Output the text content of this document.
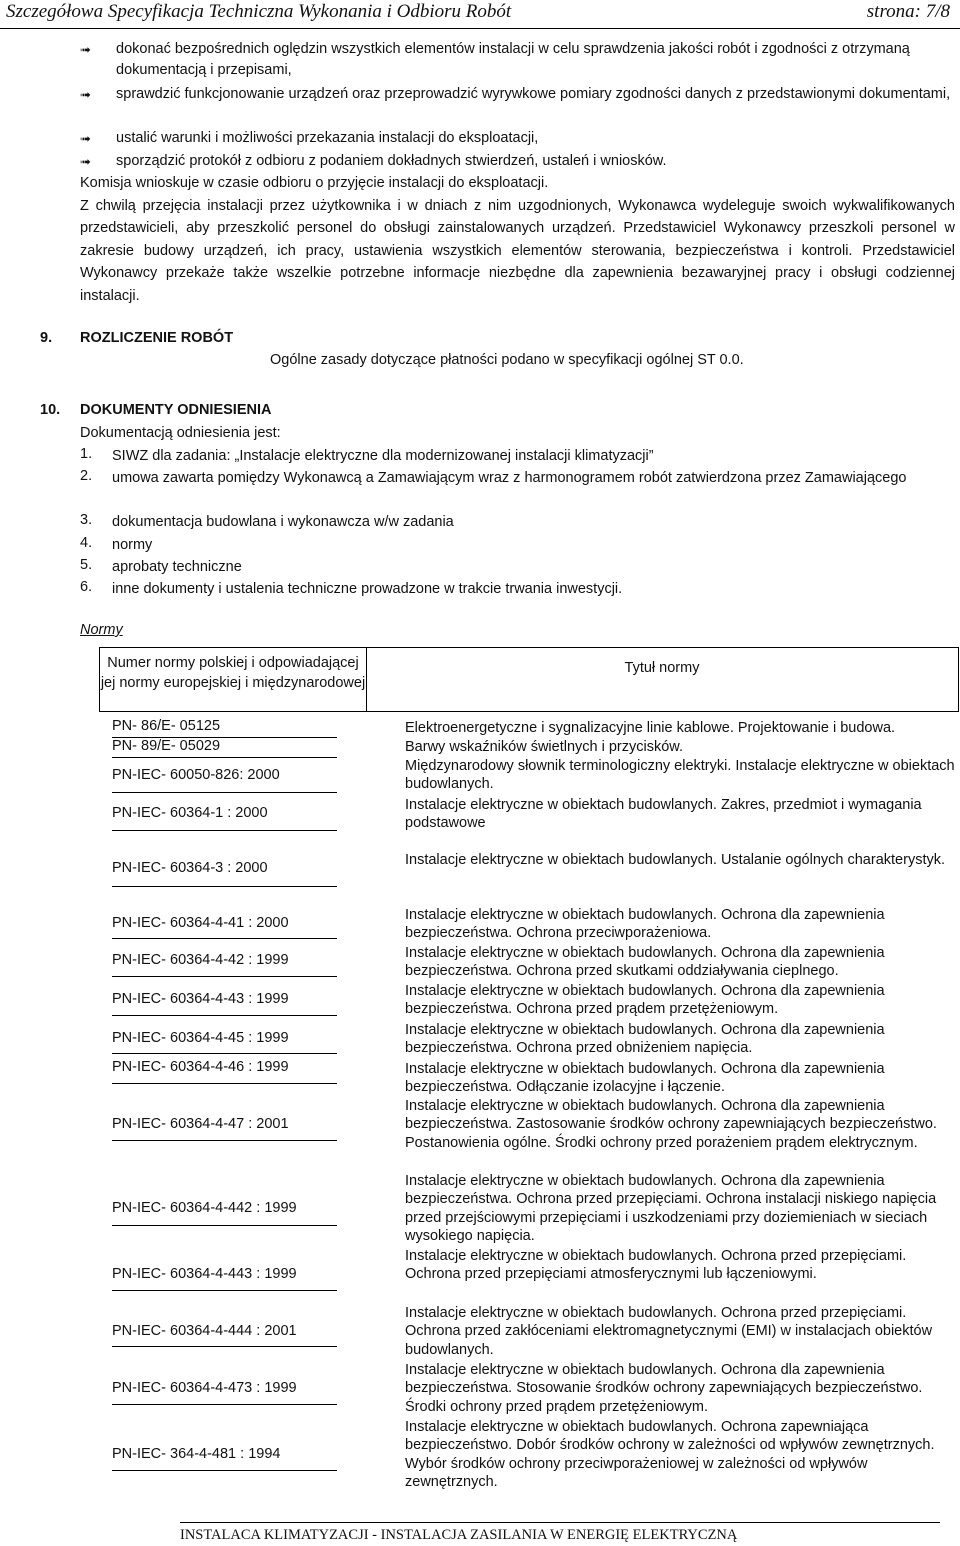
Szczegółowa Specyfikacja Techniczna Wykonania i Odbioru Robót	strona: 7/8
➟	dokonać bezpośrednich oględzin wszystkich elementów instalacji w celu sprawdzenia jakości robót i zgodności z otrzymaną dokumentacją i przepisami,
➟	sprawdzić funkcjonowanie urządzeń oraz przeprowadzić wyrywkowe pomiary zgodności danych z przedstawionymi dokumentami,
➟	ustalić warunki i możliwości przekazania instalacji do eksploatacji,
➟	sporządzić protokół z odbioru z podaniem dokładnych stwierdzeń, ustaleń i wniosków.
Komisja wnioskuje w czasie odbioru o przyjęcie instalacji do eksploatacji.
Z chwilą przejęcia instalacji przez użytkownika i w dniach z nim uzgodnionych, Wykonawca wydeleguje swoich wykwalifikowanych przedstawicieli, aby przeszkolić personel do obsługi zainstalowanych urządzeń. Przedstawiciel Wykonawcy przeszkoli personel w zakresie budowy urządzeń, ich pracy, ustawienia wszystkich elementów sterowania, bezpieczeństwa i kontroli. Przedstawiciel Wykonawcy przekaże także wszelkie potrzebne informacje niezbędne dla zapewnienia bezawaryjnej pracy i obsługi codziennej instalacji.
9. ROZLICZENIE ROBÓT
Ogólne zasady dotyczące płatności podano w specyfikacji ogólnej ST 0.0.
10. DOKUMENTY ODNIESIENIA
Dokumentacją odniesienia jest:
1. SIWZ dla zadania: „Instalacje elektryczne dla modernizowanej instalacji klimatyzacji”
2. umowa zawarta pomiędzy Wykonawcą a Zamawiającym wraz z harmonogramem robót zatwierdzona przez Zamawiającego
3. dokumentacja budowlana i wykonawcza w/w zadania
4. normy
5. aprobaty techniczne
6. inne dokumenty i ustalenia techniczne prowadzone w trakcie trwania inwestycji.
Normy
Numer normy polskiej i odpowiadającej jej normy europejskiej i międzynarodowej
Tytuł normy
PN- 86/E- 05125	Elektroenergetyczne i sygnalizacyjne linie kablowe. Projektowanie i budowa.
PN- 89/E- 05029	Barwy wskaźników świetlnych i przycisków.
PN-IEC- 60050-826: 2000
Międzynarodowy słownik terminologiczny elektryki. Instalacje elektryczne w obiektach budowlanych.
PN-IEC- 60364-1 : 2000	Instalacje elektryczne w obiektach budowlanych. Zakres, przedmiot i wymagania podstawowe
PN-IEC- 60364-3 : 2000	Instalacje elektryczne w obiektach budowlanych. Ustalanie ogólnych charakterystyk.
PN-IEC- 60364-4-41 : 2000	Instalacje elektryczne w obiektach budowlanych. Ochrona dla zapewnienia bezpieczeństwa. Ochrona przeciwporażeniowa.
PN-IEC- 60364-4-42 : 1999	Instalacje elektryczne w obiektach budowlanych. Ochrona dla zapewnienia bezpieczeństwa. Ochrona przed skutkami oddziaływania cieplnego.
PN-IEC- 60364-4-43 : 1999	Instalacje elektryczne w obiektach budowlanych. Ochrona dla zapewnienia bezpieczeństwa. Ochrona przed prądem przetężeniowym.
PN-IEC- 60364-4-45 : 1999	Instalacje elektryczne w obiektach budowlanych. Ochrona dla zapewnienia bezpieczeństwa. Ochrona przed obniżeniem napięcia.
PN-IEC- 60364-4-46 : 1999	Instalacje elektryczne w obiektach budowlanych. Ochrona dla zapewnienia bezpieczeństwa. Odłączanie izolacyjne i łączenie.
PN-IEC- 60364-4-47 : 2001
Instalacje elektryczne w obiektach budowlanych. Ochrona dla zapewnienia bezpieczeństwa. Zastosowanie środków ochrony zapewniających bezpieczeństwo. Postanowienia ogólne. Środki ochrony przed porażeniem prądem elektrycznym.
PN-IEC- 60364-4-442 : 1999
Instalacje elektryczne w obiektach budowlanych. Ochrona dla zapewnienia bezpieczeństwa. Ochrona przed przepięciami. Ochrona instalacji niskiego napięcia przed przejściowymi przepięciami i uszkodzeniami przy doziemieniach w sieciach wysokiego napięcia.
PN-IEC- 60364-4-443 : 1999
Instalacje elektryczne w obiektach budowlanych. Ochrona przed przepięciami. Ochrona przed przepięciami atmosferycznymi lub łączeniowymi.
PN-IEC- 60364-4-444 : 2001
Instalacje elektryczne w obiektach budowlanych. Ochrona przed przepięciami. Ochrona przed zakłóceniami elektromagnetycznymi (EMI) w instalacjach obiektów budowlanych.
PN-IEC- 60364-4-473 : 1999
Instalacje elektryczne w obiektach budowlanych. Ochrona dla zapewnienia bezpieczeństwa. Stosowanie środków ochrony zapewniających bezpieczeństwo. Środki ochrony przed prądem przetężeniowym.
PN-IEC- 364-4-481 : 1994
Instalacje elektryczne w obiektach budowlanych. Ochrona zapewniająca bezpieczeństwo. Dobór środków ochrony w zależności od wpływów zewnętrznych. Wybór środków ochrony przeciwporażeniowej w zależności od wpływów zewnętrznych.
INSTALACA KLIMATYZACJI - INSTALACJA ZASILANIA W ENERGIĘ ELEKTRYCZNĄ
